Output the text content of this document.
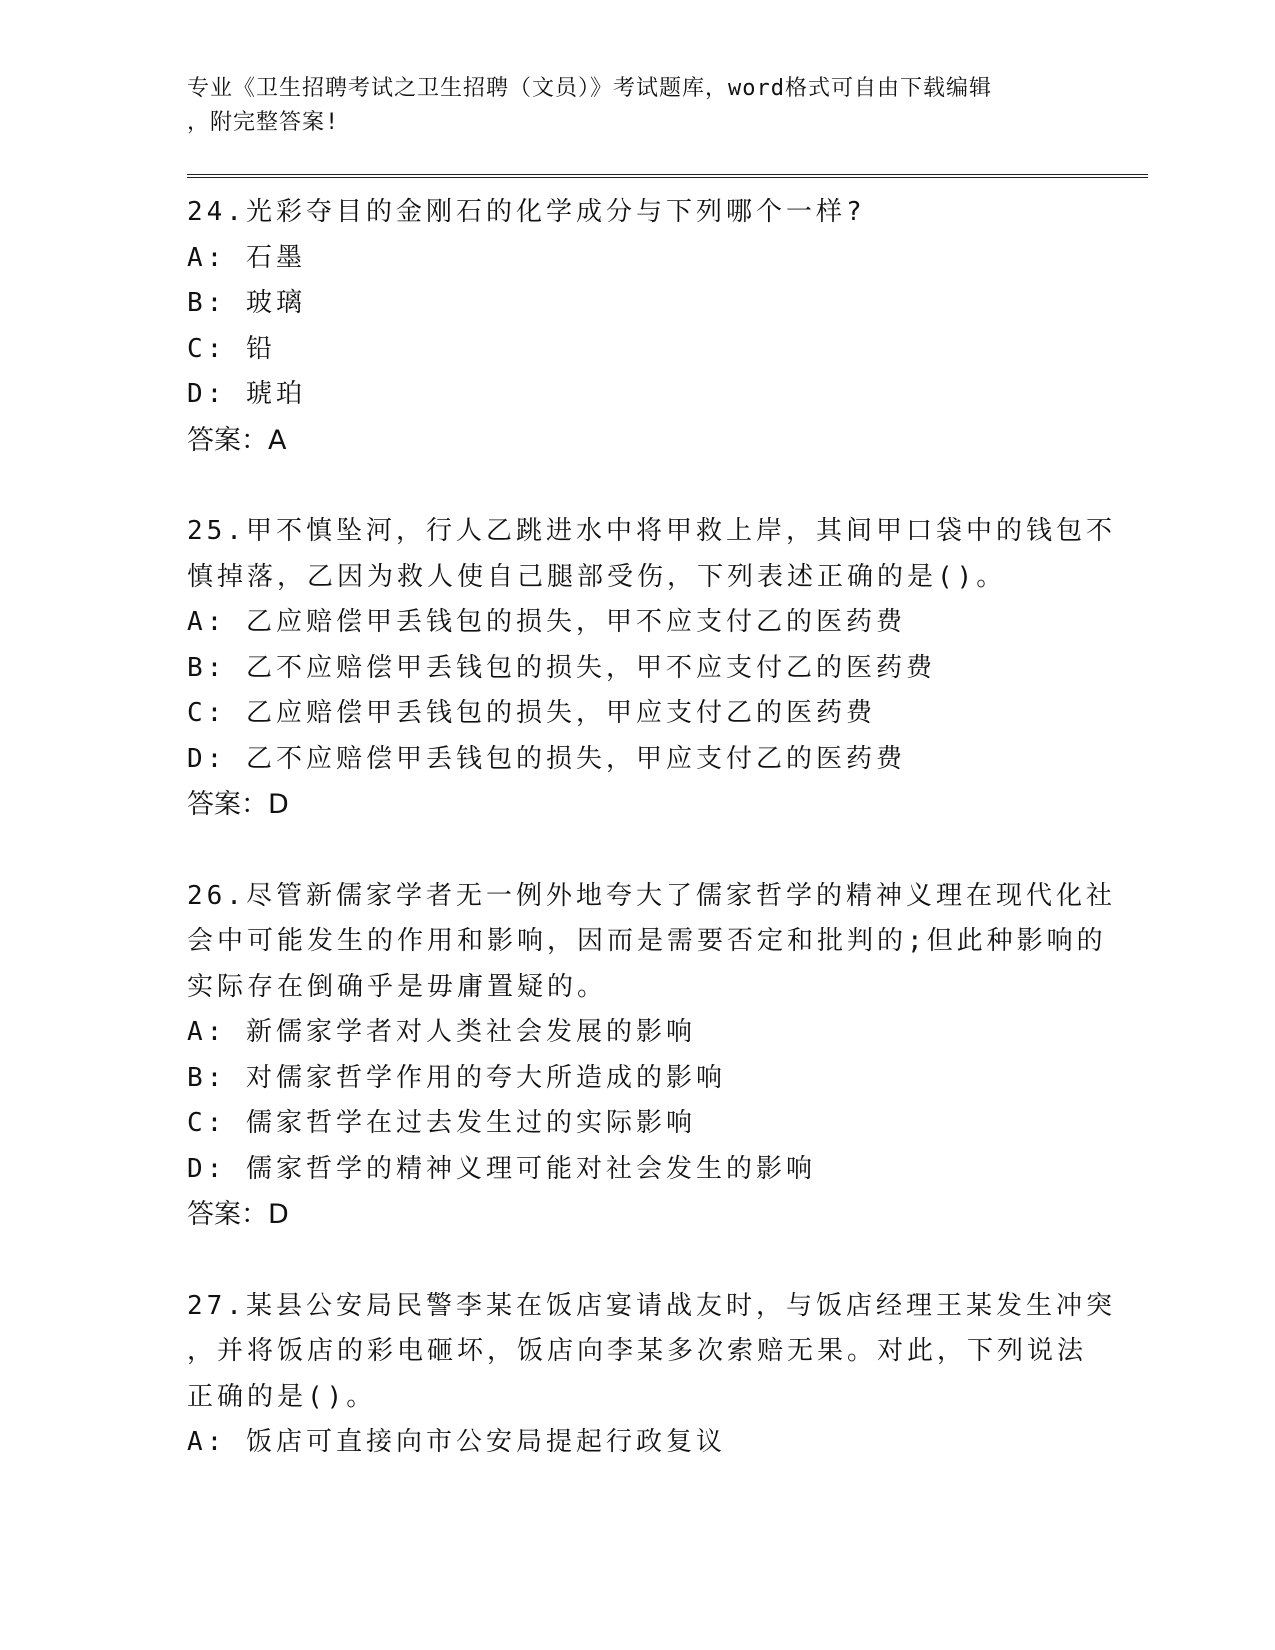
专业《卫生招聘考试之卫生招聘（文员）》考试题库，word格式可自由下载编辑
，附完整答案!
24.光彩夺目的金刚石的化学成分与下列哪个一样?
A: 石墨
B: 玻璃
C: 铅
D: 琥珀
答案：A
25.甲不慎坠河，行人乙跳进水中将甲救上岸，其间甲口袋中的钱包不
慎掉落，乙因为救人使自己腿部受伤，下列表述正确的是()。
A: 乙应赔偿甲丢钱包的损失，甲不应支付乙的医药费
B: 乙不应赔偿甲丢钱包的损失，甲不应支付乙的医药费
C: 乙应赔偿甲丢钱包的损失，甲应支付乙的医药费
D: 乙不应赔偿甲丢钱包的损失，甲应支付乙的医药费
答案：D
26.尽管新儒家学者无一例外地夸大了儒家哲学的精神义理在现代化社
会中可能发生的作用和影响，因而是需要否定和批判的;但此种影响的
实际存在倒确乎是毋庸置疑的。
A: 新儒家学者对人类社会发展的影响
B: 对儒家哲学作用的夸大所造成的影响
C: 儒家哲学在过去发生过的实际影响
D: 儒家哲学的精神义理可能对社会发生的影响
答案：D
27.某县公安局民警李某在饭店宴请战友时，与饭店经理王某发生冲突
，并将饭店的彩电砸坏，饭店向李某多次索赔无果。对此，下列说法
正确的是()。
A: 饭店可直接向市公安局提起行政复议
